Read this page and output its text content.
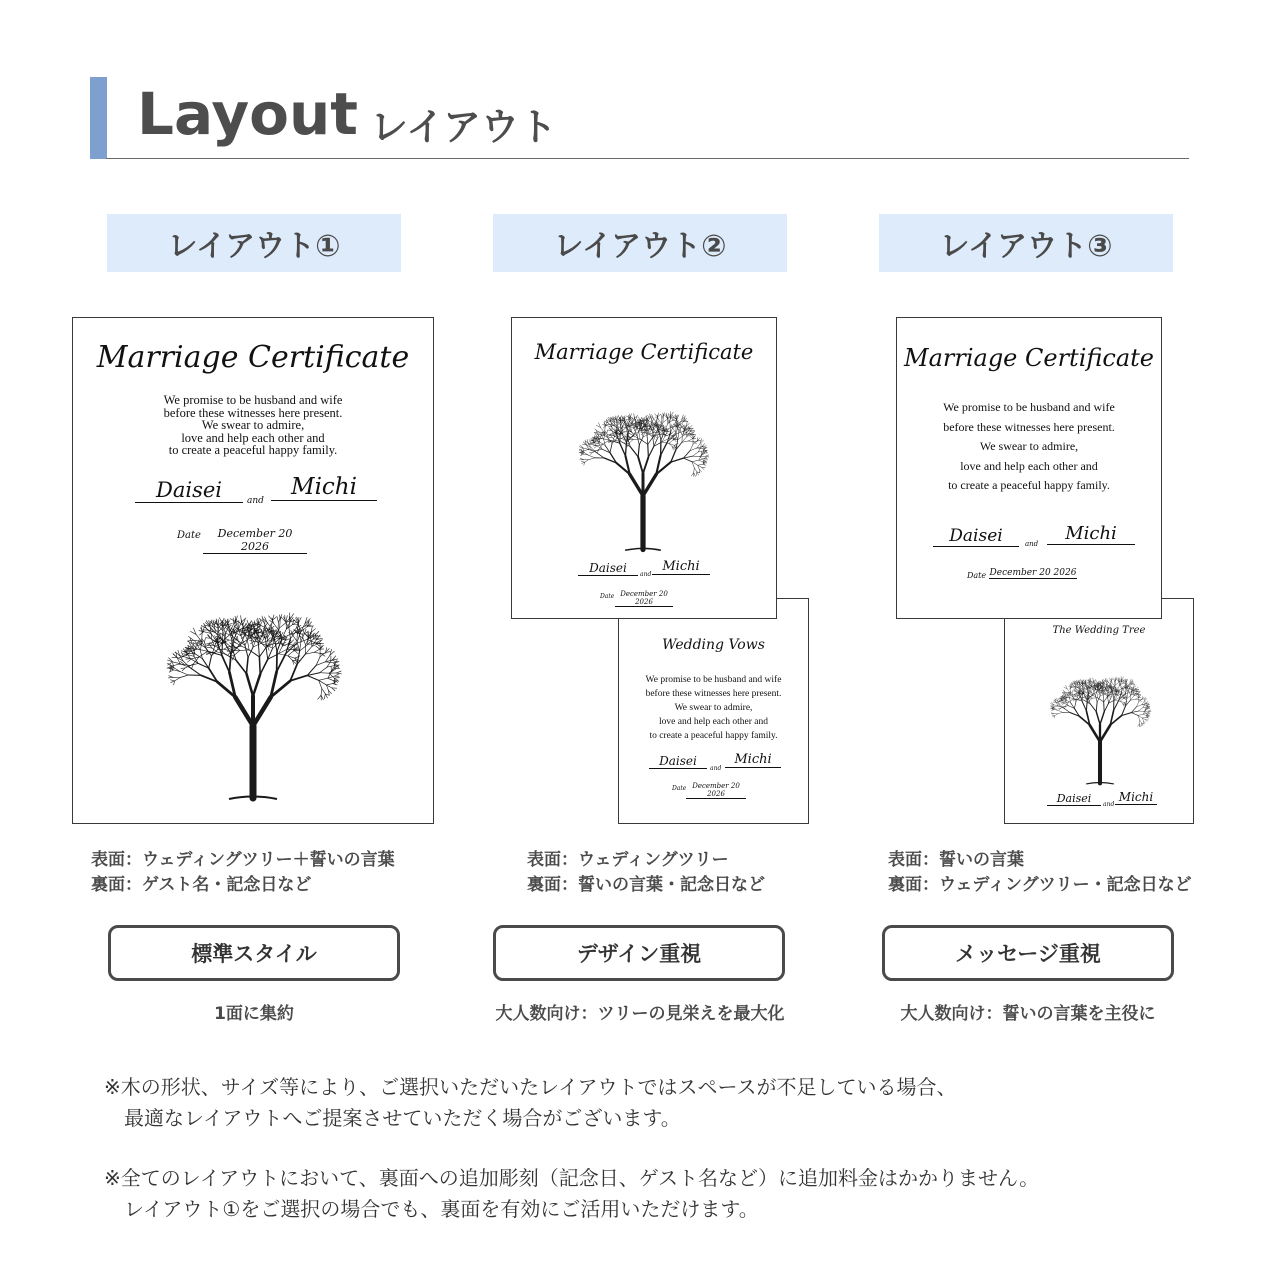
Layout レイアウト
レイアウト①	レイアウト②	レイアウト③
Marriage Certificate
We promise to be husband and wife
before these witnesses here present.
We swear to admire,
love and help each other and
to create a peaceful happy family.
Daisei	and
Michi
Date	December 20 2026
Wedding Vows
We promise to be husband and wife
before these witnesses here present.
We swear to admire,
love and help each other and
to create a peaceful happy family.
Daisei
and
Michi
Date December 20 2026
Marriage Certificate
Daisei	and
Michi
Date December 20 2026
The Wedding Tree
Daisei	and
Michi
Marriage Certificate
We promise to be husband and wife
before these witnesses here present.
We swear to admire,
love and help each other and
to create a peaceful happy family.
Daisei	and	Michi
Date December 20 2026
表面：ウェディングツリー＋誓いの言葉
裏面：ゲスト名・記念日など
表面：ウェディングツリー
裏面：誓いの言葉・記念日など
表面：誓いの言葉
裏面：ウェディングツリー・記念日など
標準スタイル	デザイン重視	メッセージ重視
1面に集約	大人数向け：ツリーの見栄えを最大化	大人数向け：誓いの言葉を主役に
※木の形状、サイズ等により、ご選択いただいたレイアウトではスペースが不足している場合、
　最適なレイアウトへご提案させていただく場合がございます。
※全てのレイアウトにおいて、裏面への追加彫刻（記念日、ゲスト名など）に追加料金はかかりません。
　レイアウト①をご選択の場合でも、裏面を有効にご活用いただけます。
